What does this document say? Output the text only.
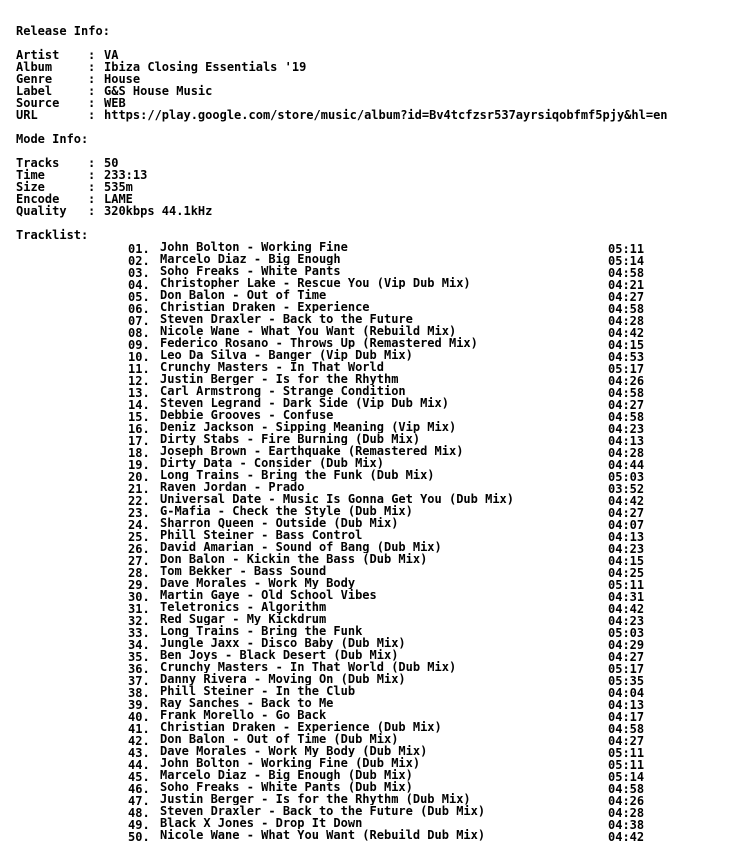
Release Info:
Artist : VA
Album	: Ibiza Closing Essentials '19
Genre	: House
Label	: G&S House Music
Source : WEB
URL	: https://play.google.com/store/music/album?id=Bv4tcfzsr537ayrsiqobfmf5pjy&hl=en
Mode Info:
Tracks : 50
Time	: 233:13
Size	: 535m
Encode : LAME
Quality : 320kbps 44.1kHz
Tracklist:
01. John Bolton - Working Fine	05:11
02. Marcelo Diaz - Big Enough	05:14
03. Soho Freaks - White Pants	04:58
04. Christopher Lake - Rescue You (Vip Dub Mix)	04:21
05. Don Balon - Out of Time	04:27
06. Christian Draken - Experience	04:58
07. Steven Draxler - Back to the Future	04:28
08. Nicole Wane - What You Want (Rebuild Mix)	04:42
09. Federico Rosano - Throws Up (Remastered Mix)	04:15
10. Leo Da Silva - Banger (Vip Dub Mix)	04:53
11. Crunchy Masters - In That World	05:17
12. Justin Berger - Is for the Rhythm	04:26
13. Carl Armstrong - Strange Condition	04:58
14. Steven Legrand - Dark Side (Vip Dub Mix)	04:27
15. Debbie Grooves - Confuse	04:58
16. Deniz Jackson - Sipping Meaning (Vip Mix)	04:23
17. Dirty Stabs - Fire Burning (Dub Mix)	04:13
18. Joseph Brown - Earthquake (Remastered Mix)	04:28
19. Dirty Data - Consider (Dub Mix)	04:44
20. Long Trains - Bring the Funk (Dub Mix)	05:03
21. Raven Jordan - Prado	03:52
22. Universal Date - Music Is Gonna Get You (Dub Mix)	04:42
23. G-Mafia - Check the Style (Dub Mix)	04:27
24. Sharron Queen - Outside (Dub Mix)	04:07
25. Phill Steiner - Bass Control	04:13
26. David Amarian - Sound of Bang (Dub Mix)	04:23
27. Don Balon - Kickin the Bass (Dub Mix)	04:15
28. Tom Bekker - Bass Sound	04:25
29. Dave Morales - Work My Body	05:11
30. Martin Gaye - Old School Vibes	04:31
31. Teletronics - Algorithm	04:42
32. Red Sugar - My Kickdrum	04:23
33. Long Trains - Bring the Funk	05:03
34. Jungle Jaxx - Disco Baby (Dub Mix)	04:29
35. Ben Joys - Black Desert (Dub Mix)	04:27
36. Crunchy Masters - In That World (Dub Mix)	05:17
37. Danny Rivera - Moving On (Dub Mix)	05:35
38. Phill Steiner - In the Club	04:04
39. Ray Sanches - Back to Me	04:13
40. Frank Morello - Go Back	04:17
41. Christian Draken - Experience (Dub Mix)	04:58
42. Don Balon - Out of Time (Dub Mix)	04:27
43. Dave Morales - Work My Body (Dub Mix)	05:11
44. John Bolton - Working Fine (Dub Mix)	05:11
45. Marcelo Diaz - Big Enough (Dub Mix)	05:14
46. Soho Freaks - White Pants (Dub Mix)	04:58
47. Justin Berger - Is for the Rhythm (Dub Mix)	04:26
48. Steven Draxler - Back to the Future (Dub Mix)	04:28
49. Black X Jones - Drop It Down	04:38
50. Nicole Wane - What You Want (Rebuild Dub Mix)	04:42
